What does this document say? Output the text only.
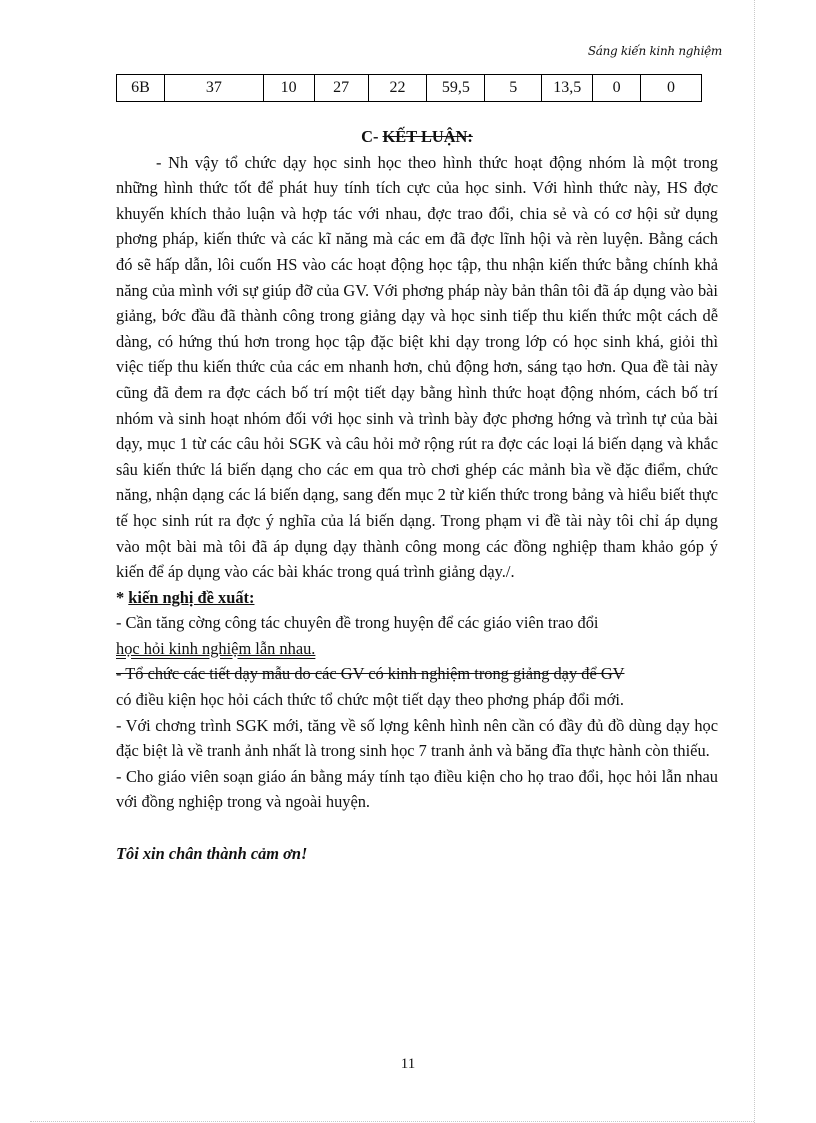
Sáng kiến kinh nghiệm
6B	37	10	27	22	59,5	5	13,5	0	0

C- KẾT LUẬN:

- Nh vậy tổ chức dạy học sinh học theo hình thức hoạt động nhóm là một trong những hình thức tốt để phát huy tính tích cực của học sinh. Với hình thức này, HS đợc khuyến khích thảo luận và hợp tác với nhau, đợc trao đổi, chia sẻ và có cơ hội sử dụng phơng pháp, kiến thức và các kĩ năng mà các em đã đợc lĩnh hội và rèn luyện. Bằng cách đó sẽ hấp dẫn, lôi cuốn HS vào các hoạt động học tập, thu nhận kiến thức bằng chính khả năng của mình với sự giúp đỡ của GV. Với phơng pháp này bản thân tôi đã áp dụng vào bài giảng, bớc đầu đã thành công trong giảng dạy và học sinh tiếp thu kiến thức một cách dễ dàng, có hứng thú hơn trong học tập đặc biệt khi dạy trong lớp có học sinh khá, giỏi thì việc tiếp thu kiến thức của các em nhanh hơn, chủ động hơn, sáng tạo hơn. Qua đề tài này cũng đã đem ra đợc cách bố trí một tiết dạy bằng hình thức hoạt động nhóm, cách bố trí nhóm và sinh hoạt nhóm đối với học sinh và trình bày đợc phơng hớng và trình tự của bài dạy, mục 1 từ các câu hỏi SGK và câu hỏi mở rộng rút ra đợc các loại lá biến dạng và khắc sâu kiến thức lá biến dạng cho các em qua trò chơi ghép các mảnh bìa về đặc điểm, chức năng, nhận dạng các lá biến dạng, sang đến mục 2 từ kiến thức trong bảng và hiểu biết thực tế học sinh rút ra đợc ý nghĩa của lá biến dạng. Trong phạm vi đề tài này tôi chỉ áp dụng vào một bài mà tôi đã áp dụng dạy thành công mong các đồng nghiệp tham khảo góp ý kiến để áp dụng vào các bài khác trong quá trình giảng dạy./.

* kiến nghị đề xuất:

- Cần tăng cờng công tác chuyên đề trong huyện để các giáo viên trao đổi

học hỏi kinh nghiệm lẫn nhau.

- Tổ chức các tiết dạy mẫu do các GV có kinh nghiệm trong giảng dạy để GV

có điều kiện học hỏi cách thức tổ chức một tiết dạy theo phơng pháp đổi mới.

- Với chơng trình SGK mới, tăng về số lợng kênh hình nên cần có đầy đủ đồ dùng dạy học đặc biệt là về tranh ảnh nhất là trong sinh học 7 tranh ảnh và băng đĩa thực hành còn thiếu.

- Cho giáo viên soạn giáo án bằng máy tính tạo điều kiện cho họ trao đổi, học hỏi lẫn nhau với đồng nghiệp trong và ngoài huyện.

Tôi xin chân thành cảm ơn!

11
